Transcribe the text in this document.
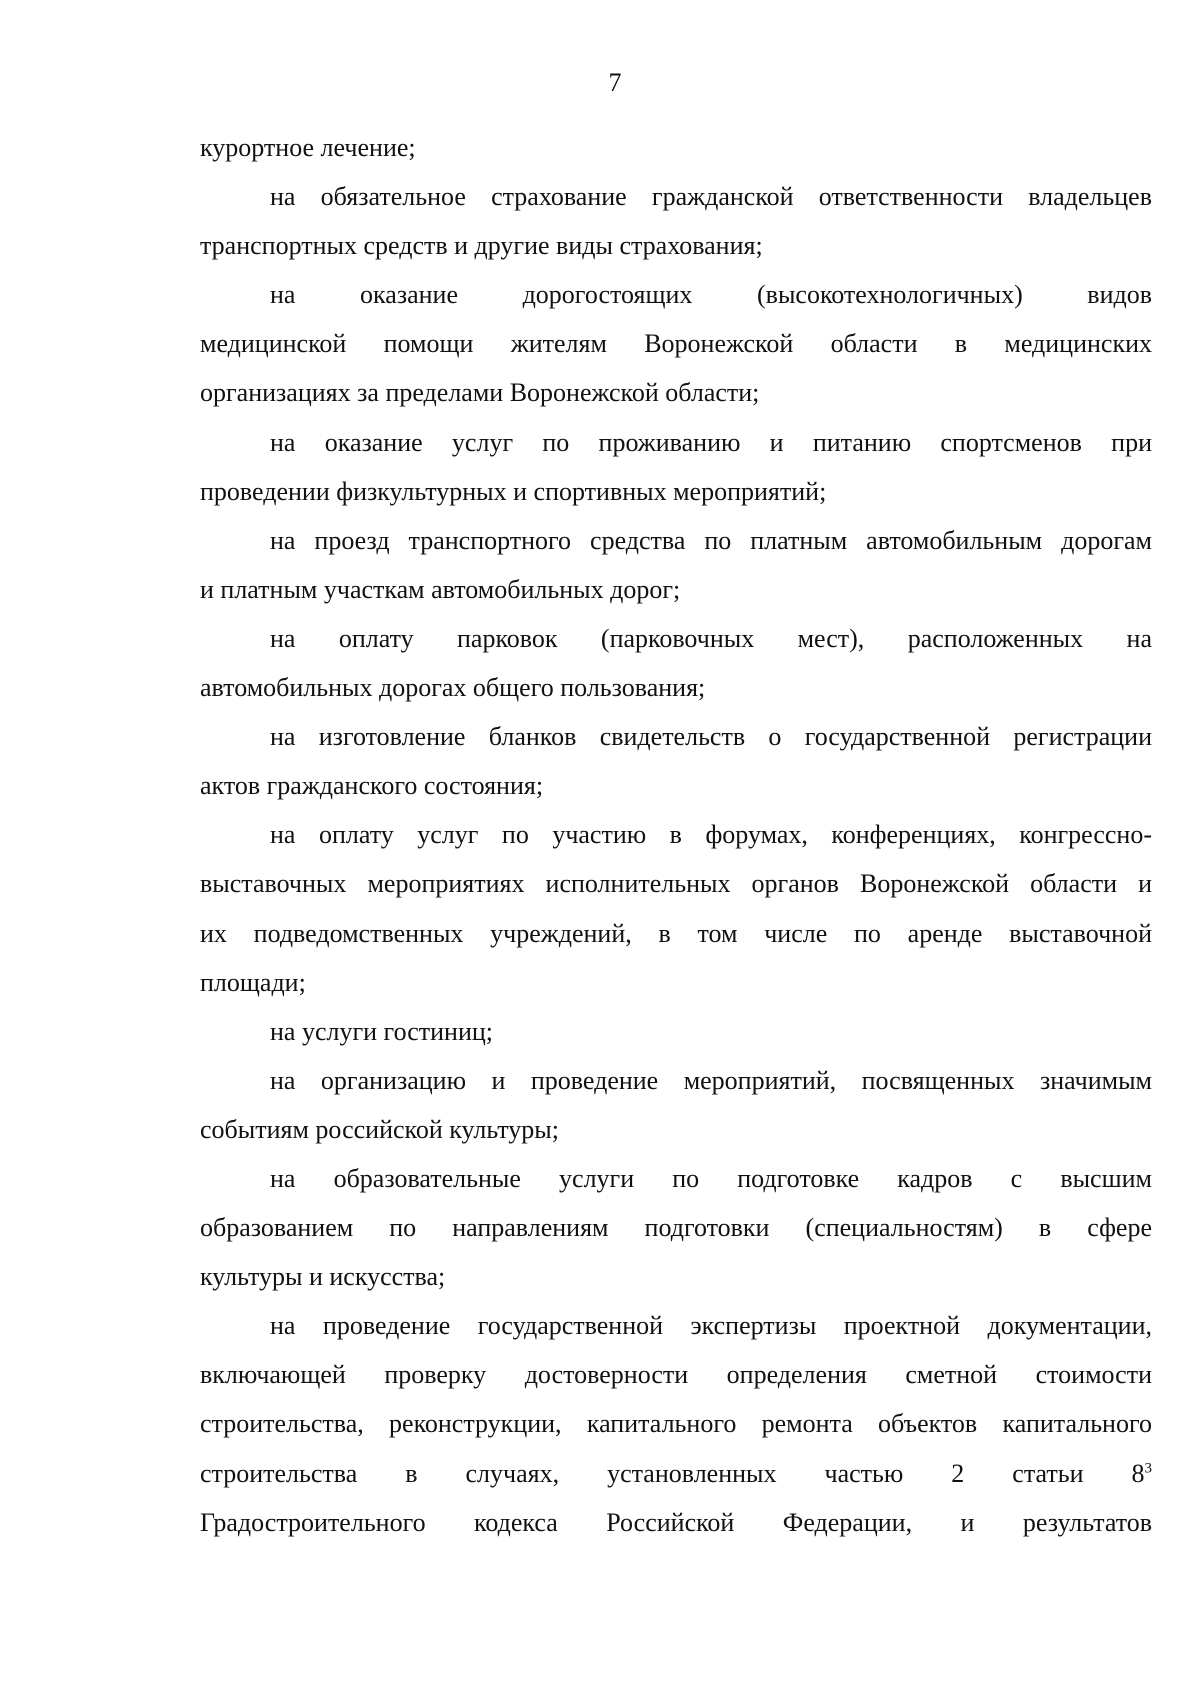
7
курортное лечение;
на обязательное страхование гражданской ответственности владельцев
транспортных средств и другие виды страхования;
на оказание дорогостоящих (высокотехнологичных) видов
медицинской помощи жителям Воронежской области в медицинских
организациях за пределами Воронежской области;
на оказание услуг по проживанию и питанию спортсменов при
проведении физкультурных и спортивных мероприятий;
на проезд транспортного средства по платным автомобильным дорогам
и платным участкам автомобильных дорог;
на оплату парковок (парковочных мест), расположенных на
автомобильных дорогах общего пользования;
на изготовление бланков свидетельств о государственной регистрации
актов гражданского состояния;
на оплату услуг по участию в форумах, конференциях, конгрессно-
выставочных мероприятиях исполнительных органов Воронежской области и
их подведомственных учреждений, в том числе по аренде выставочной
площади;
на услуги гостиниц;
на организацию и проведение мероприятий, посвященных значимым
событиям российской культуры;
на образовательные услуги по подготовке кадров с высшим
образованием по направлениям подготовки (специальностям) в сфере
культуры и искусства;
на проведение государственной экспертизы проектной документации,
включающей проверку достоверности определения сметной стоимости
строительства, реконструкции, капитального ремонта объектов капитального
строительства в случаях, установленных частью 2 статьи $8^3$
Градостроительного кодекса Российской Федерации, и результатов
